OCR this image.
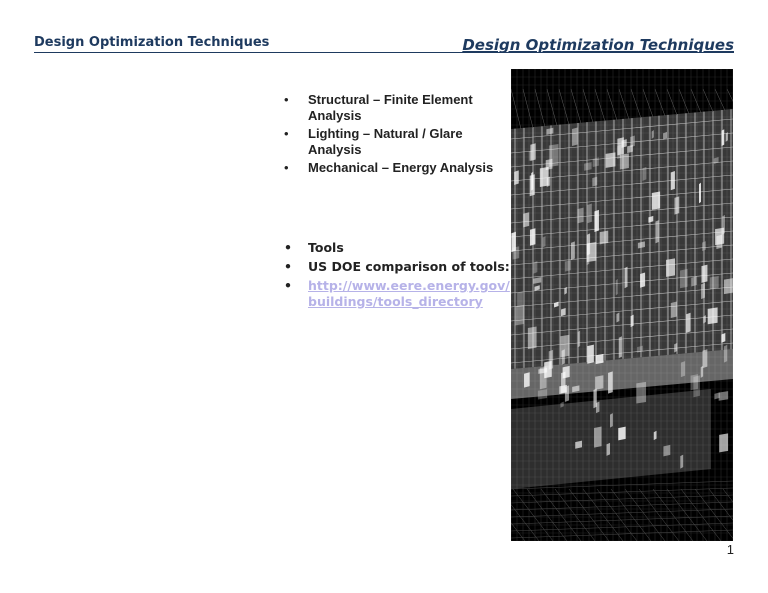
Design Optimization Techniques	Design Optimization Techniques
• Structural – Finite Element Analysis
• Lighting – Natural / Glare Analysis
• Mechanical – Energy Analysis
• Tools
• US DOE comparison of tools:
• http://www.eere.energy.gov/ buildings/tools_directory
1
